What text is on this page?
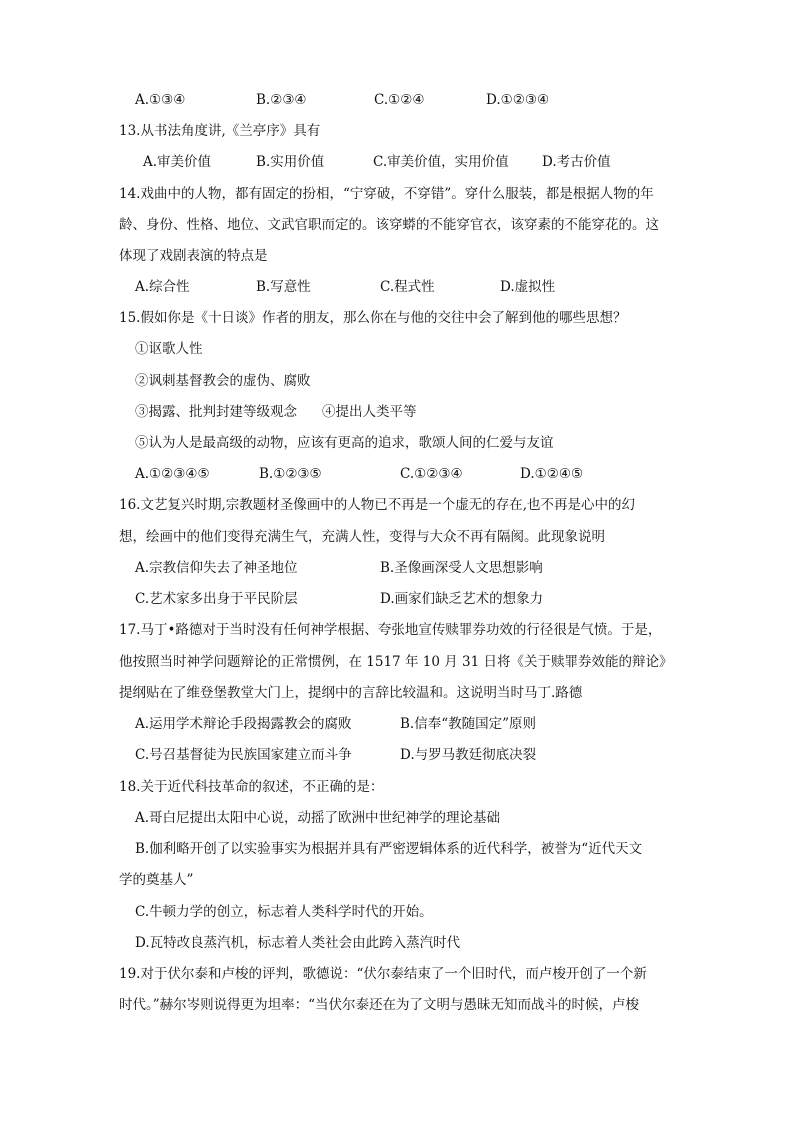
A.①③④	B.②③④	C.①②④	D.①②③④
13.从书法角度讲,《兰亭序》具有
A.审美价值	B.实用价值	C.审美价值，实用价值 D.考古价值
14.戏曲中的人物，都有固定的扮相，“宁穿破，不穿错”。穿什么服装，都是根据人物的年
龄、身份、性格、地位、文武官职而定的。该穿蟒的不能穿官衣，该穿素的不能穿花的。这
体现了戏剧表演的特点是
A.综合性	B.写意性	C.程式性	D.虚拟性
15.假如你是《十日谈》作者的朋友，那么你在与他的交往中会了解到他的哪些思想？
①讴歌人性
②讽刺基督教会的虚伪、腐败
③揭露、批判封建等级观念 ④提出人类平等
⑤认为人是最高级的动物，应该有更高的追求，歌颂人间的仁爱与友谊
A.①②③④⑤	B.①②③⑤	C.①②③④	D.①②④⑤
16.文艺复兴时期,宗教题材圣像画中的人物已不再是一个虚无的存在,也不再是心中的幻
想，绘画中的他们变得充满生气，充满人性，变得与大众不再有隔阂。此现象说明
A.宗教信仰失去了神圣地位	B.圣像画深受人文思想影响
C.艺术家多出身于平民阶层	D.画家们缺乏艺术的想象力
17.马丁•路德对于当时没有任何神学根据、夸张地宣传赎罪券功效的行径很是气愤。于是，
他按照当时神学问题辩论的正常惯例，在 1517 年 10 月 31 日将《关于赎罪券效能的辩论》
提纲贴在了维登堡教堂大门上，提纲中的言辞比较温和。这说明当时马丁.路德
A.运用学术辩论手段揭露教会的腐败	B.信奉“教随国定”原则
C.号召基督徒为民族国家建立而斗争	D.与罗马教廷彻底决裂
18.关于近代科技革命的叙述，不正确的是：
A.哥白尼提出太阳中心说，动摇了欧洲中世纪神学的理论基础
B.伽利略开创了以实验事实为根据并具有严密逻辑体系的近代科学，被誉为“近代天文
学的奠基人”
C.牛顿力学的创立，标志着人类科学时代的开始。
D.瓦特改良蒸汽机，标志着人类社会由此跨入蒸汽时代
19.对于伏尔泰和卢梭的评判，歌德说：“伏尔泰结束了一个旧时代，而卢梭开创了一个新
时代。”赫尔岑则说得更为坦率：“当伏尔泰还在为了文明与愚昧无知而战斗的时候，卢梭
